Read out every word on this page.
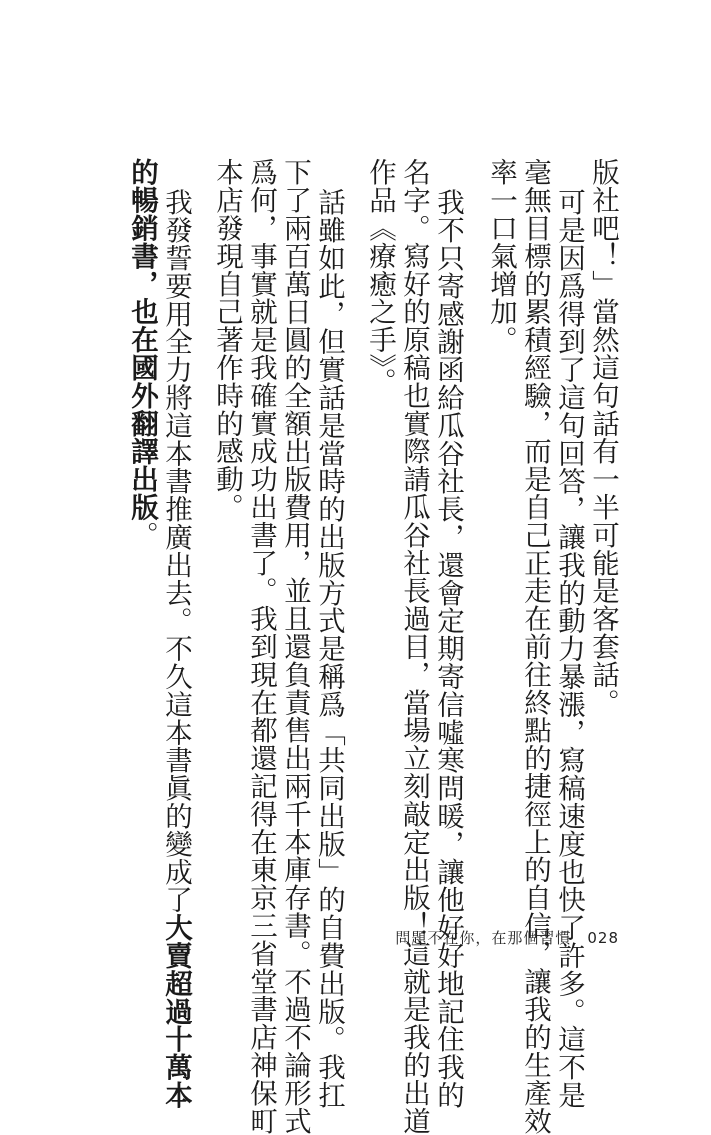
版社吧！」當然這句話有一半可能是客套話。
可是因爲得到了這句回答，讓我的動力暴漲，寫稿速度也快了許多。這不是
毫無目標的累積經驗，而是自己正走在前往終點的捷徑上的自信，讓我的生產效
率一口氣增加。
我不只寄感謝函給瓜谷社長，還會定期寄信噓寒問暖，讓他好好地記住我的
名字。寫好的原稿也實際請瓜谷社長過目，當場立刻敲定出版！這就是我的出道
作品《療癒之手》。
話雖如此，但實話是當時的出版方式是稱爲「共同出版」的自費出版。我扛
下了兩百萬日圓的全額出版費用，並且還負責售出兩千本庫存書。不過不論形式
爲何，事實就是我確實成功出書了。我到現在都還記得在東京三省堂書店神保町
本店發現自己著作時的感動。
我發誓要用全力將這本書推廣出去。不久這本書眞的變成了大賣超過十萬本
的暢銷書，也在國外翻譯出版。
問題不在你，在那個習慣 028
